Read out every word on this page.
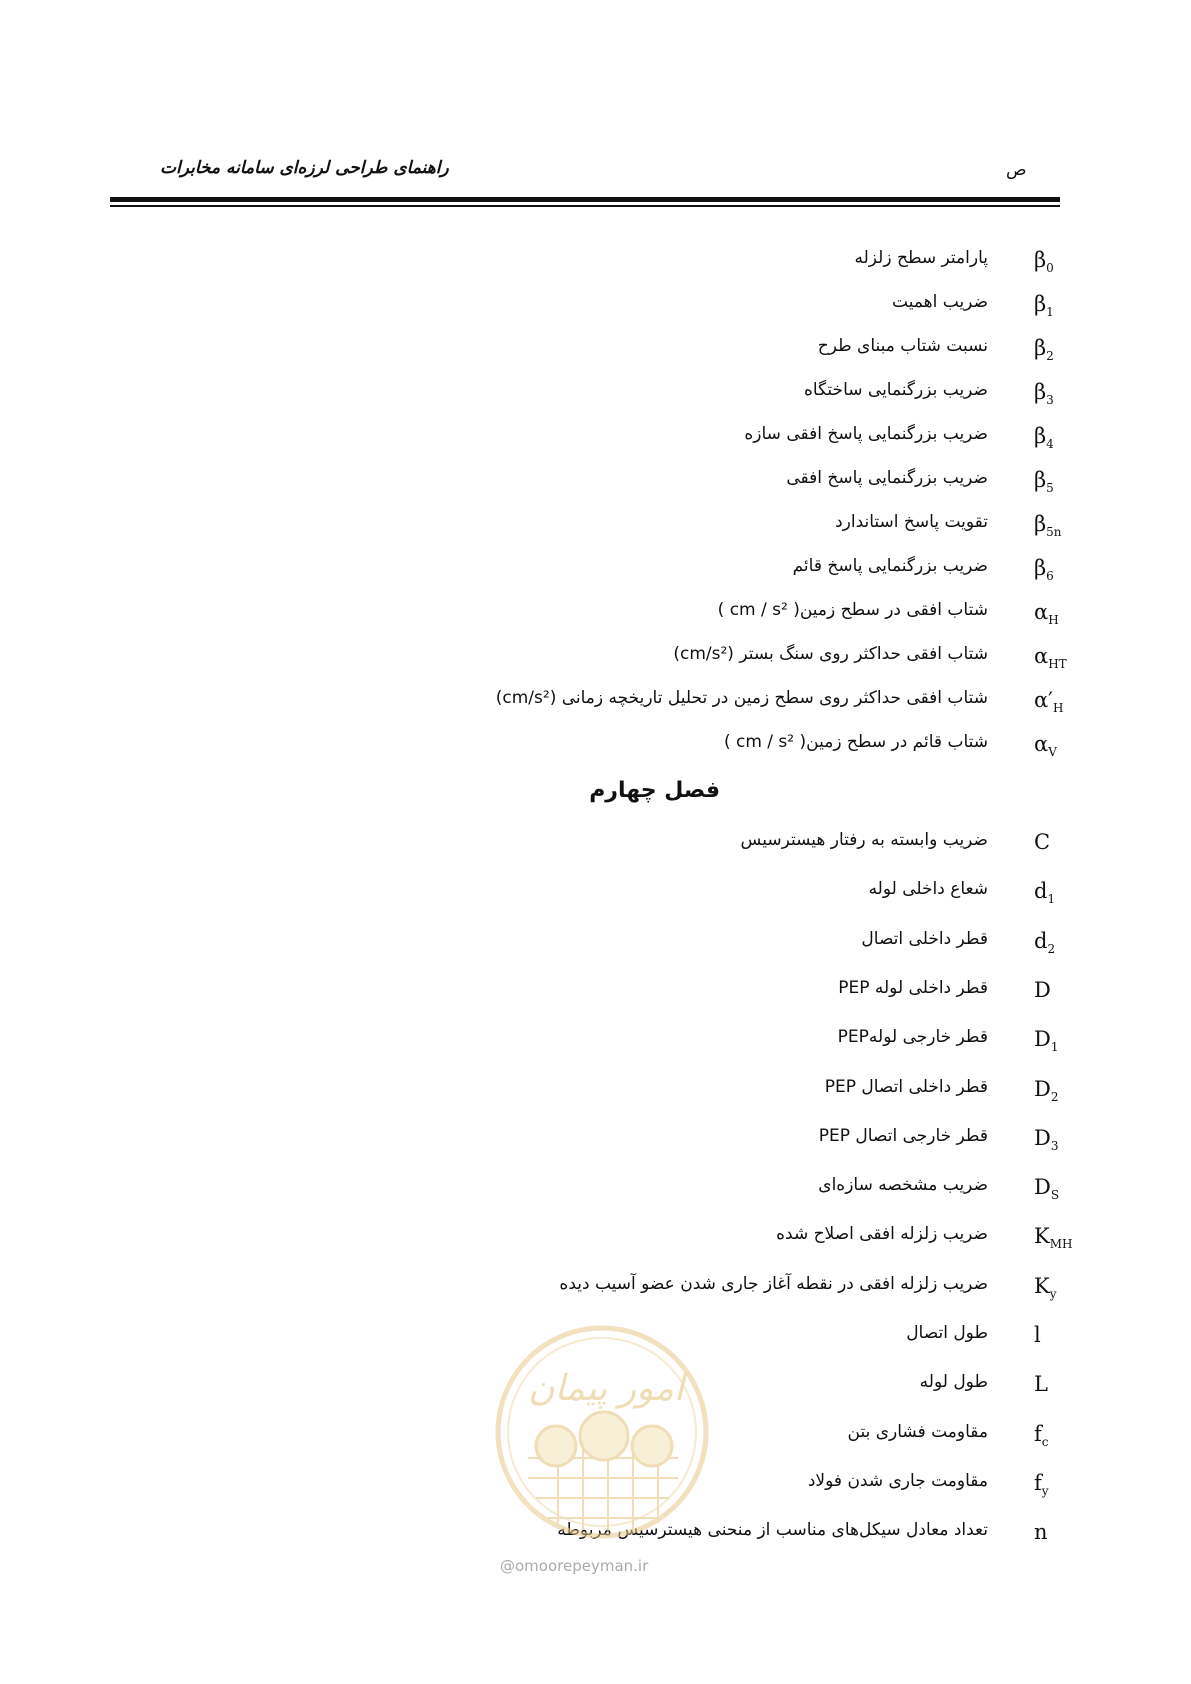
راهنمای طراحی لرزه‌ای سامانه مخابرات	ص
$\beta_0$
پارامتر سطح زلزله
$\beta_1$
ضریب اهمیت
$\beta_2$
نسبت شتاب مبنای طرح
$\beta_3$
ضریب بزرگنمایی ساختگاه
$\beta_4$
ضریب بزرگنمایی پاسخ افقی سازه
$\beta_5$
ضریب بزرگنمایی پاسخ افقی
$\beta_{5n}$
تقویت پاسخ استاندارد
$\beta_6$
ضریب بزرگنمایی پاسخ قائم
$\alpha_H$
شتاب افقی در سطح زمین( cm / s² )
$\alpha_{HT}$
شتاب افقی حداکثر روی سنگ بستر (cm/s²)
$\alpha'_H$
شتاب افقی حداکثر روی سطح زمین در تحلیل تاریخچه زمانی (cm/s²)
$\alpha_V$
شتاب قائم در سطح زمین( cm / s² )
فصل چهارم
C
ضریب وابسته به رفتار هیسترسیس
$d_1$
شعاع داخلی لوله
$d_2$
قطر داخلی اتصال
D
قطر داخلی لوله PEP
$D_1$
قطر خارجی لولهPEP
$D_2$
قطر داخلی اتصال PEP
$D_3$
قطر خارجی اتصال PEP
$D_S$
ضریب مشخصه سازه‌ای
$K_{MH}$
ضریب زلزله افقی اصلاح شده
$K_y$
ضریب زلزله افقی در نقطه آغاز جاری شدن عضو آسیب دیده
l
طول اتصال
L
طول لوله
$f_c$
مقاومت فشاری بتن
$f_y$
مقاومت جاری شدن فولاد
n
تعداد معادل سیکل‌های مناسب از منحنی هیسترسیس مربوطه
امور پیمان
@omoorepeyman.ir
